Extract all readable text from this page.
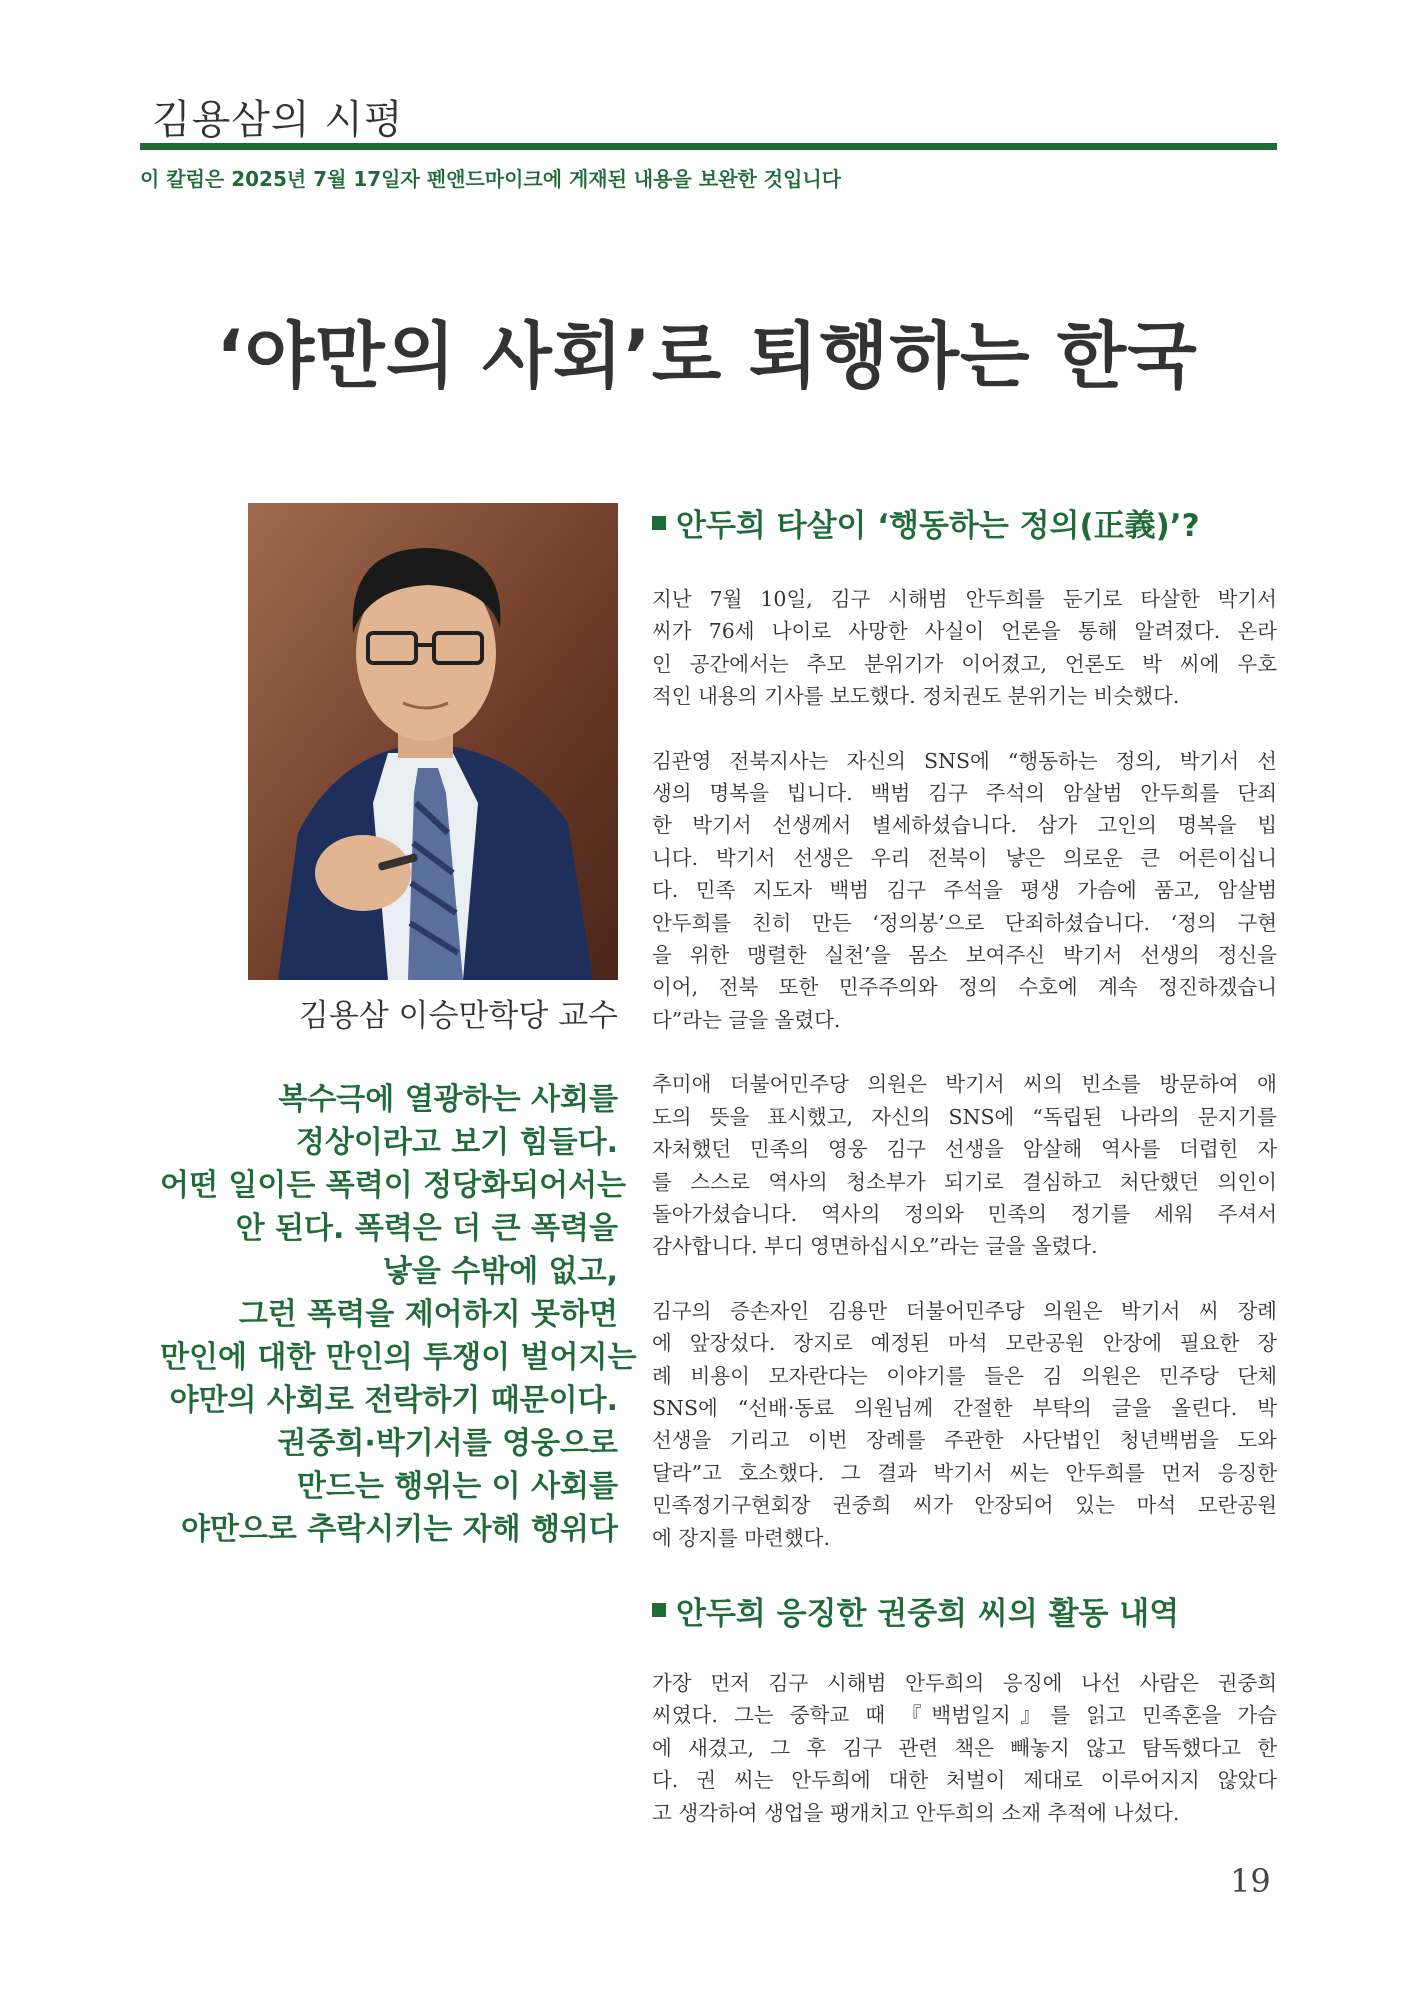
김용삼의 시평
이 칼럼은 2025년 7월 17일자 펜앤드마이크에 게재된 내용을 보완한 것입니다
‘야만의 사회’로 퇴행하는 한국
김용삼 이승만학당 교수
복수극에 열광하는 사회를
정상이라고 보기 힘들다.
어떤 일이든 폭력이 정당화되어서는
안 된다. 폭력은 더 큰 폭력을
낳을 수밖에 없고,
그런 폭력을 제어하지 못하면
만인에 대한 만인의 투쟁이 벌어지는
야만의 사회로 전락하기 때문이다.
권중희·박기서를 영웅으로
만드는 행위는 이 사회를
야만으로 추락시키는 자해 행위다
안두희 타살이 ‘행동하는 정의(正義)’?

지난 7월 10일, 김구 시해범 안두희를 둔기로 타살한 박기서
씨가 76세 나이로 사망한 사실이 언론을 통해 알려졌다. 온라
인 공간에서는 추모 분위기가 이어졌고, 언론도 박 씨에 우호
적인 내용의 기사를 보도했다. 정치권도 분위기는 비슷했다.

김관영 전북지사는 자신의 SNS에 “행동하는 정의, 박기서 선
생의 명복을 빕니다. 백범 김구 주석의 암살범 안두희를 단죄
한 박기서 선생께서 별세하셨습니다. 삼가 고인의 명복을 빕
니다. 박기서 선생은 우리 전북이 낳은 의로운 큰 어른이십니
다. 민족 지도자 백범 김구 주석을 평생 가슴에 품고, 암살범
안두희를 친히 만든 ‘정의봉’으로 단죄하셨습니다. ‘정의 구현
을 위한 맹렬한 실천’을 몸소 보여주신 박기서 선생의 정신을
이어, 전북 또한 민주주의와 정의 수호에 계속 정진하겠습니
다”라는 글을 올렸다.

추미애 더불어민주당 의원은 박기서 씨의 빈소를 방문하여 애
도의 뜻을 표시했고, 자신의 SNS에 “독립된 나라의 문지기를
자처했던 민족의 영웅 김구 선생을 암살해 역사를 더렵힌 자
를 스스로 역사의 청소부가 되기로 결심하고 처단했던 의인이
돌아가셨습니다. 역사의 정의와 민족의 정기를 세워 주셔서
감사합니다. 부디 영면하십시오”라는 글을 올렸다.

김구의 증손자인 김용만 더불어민주당 의원은 박기서 씨 장례
에 앞장섰다. 장지로 예정된 마석 모란공원 안장에 필요한 장
례 비용이 모자란다는 이야기를 들은 김 의원은 민주당 단체
SNS에 “선배·동료 의원님께 간절한 부탁의 글을 올린다. 박
선생을 기리고 이번 장례를 주관한 사단법인 청년백범을 도와
달라”고 호소했다. 그 결과 박기서 씨는 안두희를 먼저 응징한
민족정기구현회장 권중희 씨가 안장되어 있는 마석 모란공원
에 장지를 마련했다.

안두희 응징한 권중희 씨의 활동 내역

가장 먼저 김구 시해범 안두희의 응징에 나선 사람은 권중희
씨였다. 그는 중학교 때 『백범일지』를 읽고 민족혼을 가슴
에 새겼고, 그 후 김구 관련 책은 빼놓지 않고 탐독했다고 한
다. 권 씨는 안두희에 대한 처벌이 제대로 이루어지지 않았다
고 생각하여 생업을 팽개치고 안두희의 소재 추적에 나섰다.

19
